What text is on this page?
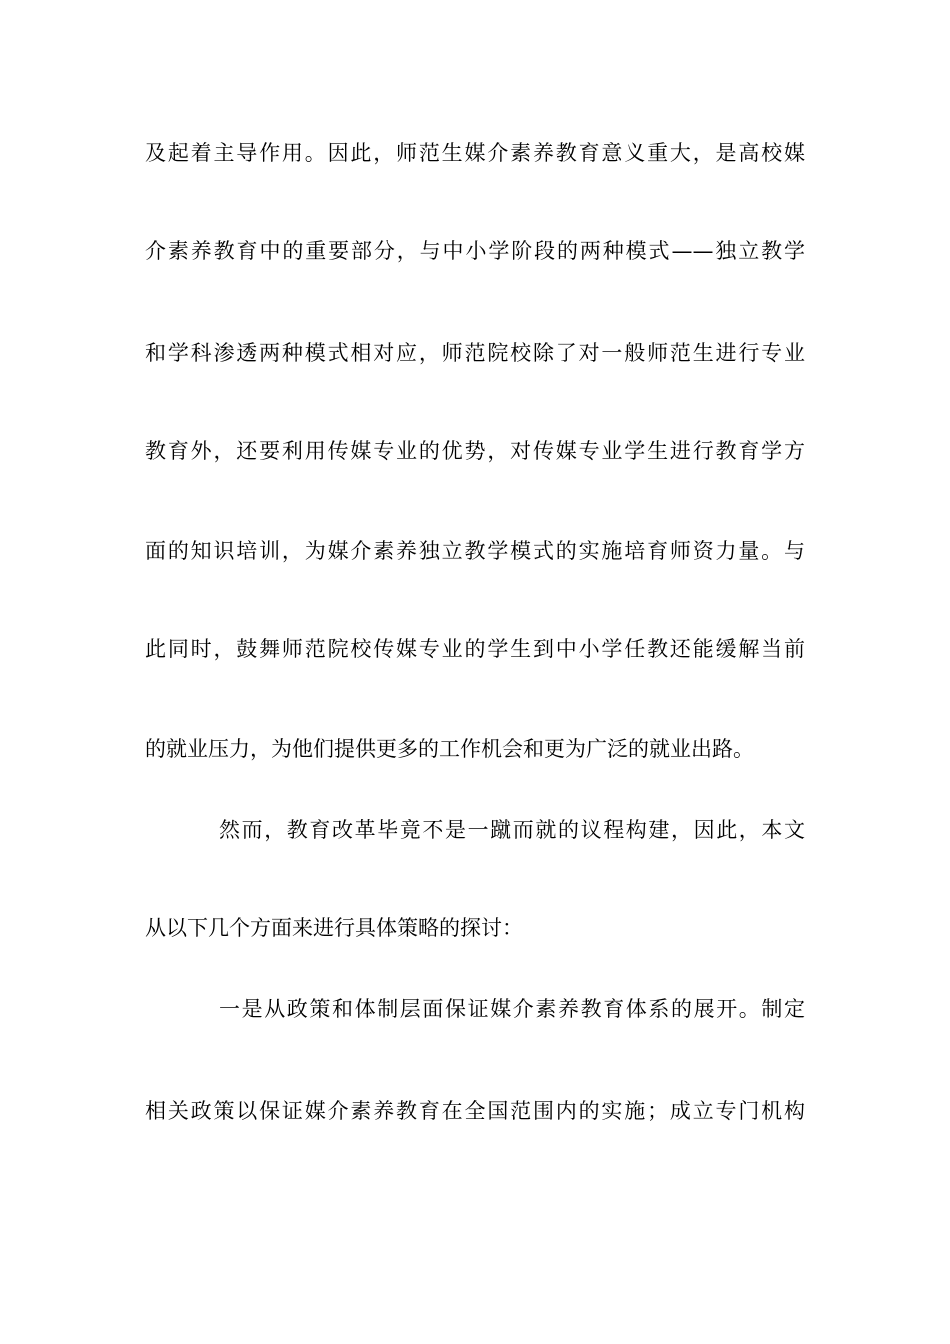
及起着主导作用。因此，师范生媒介素养教育意义重大，是高校媒
介素养教育中的重要部分，与中小学阶段的两种模式——独立教学
和学科渗透两种模式相对应，师范院校除了对一般师范生进行专业
教育外，还要利用传媒专业的优势，对传媒专业学生进行教育学方
面的知识培训，为媒介素养独立教学模式的实施培育师资力量。与
此同时，鼓舞师范院校传媒专业的学生到中小学任教还能缓解当前
的就业压力，为他们提供更多的工作机会和更为广泛的就业出路。
然而，教育改革毕竟不是一蹴而就的议程构建，因此，本文
从以下几个方面来进行具体策略的探讨：
一是从政策和体制层面保证媒介素养教育体系的展开。制定
相关政策以保证媒介素养教育在全国范围内的实施；成立专门机构
